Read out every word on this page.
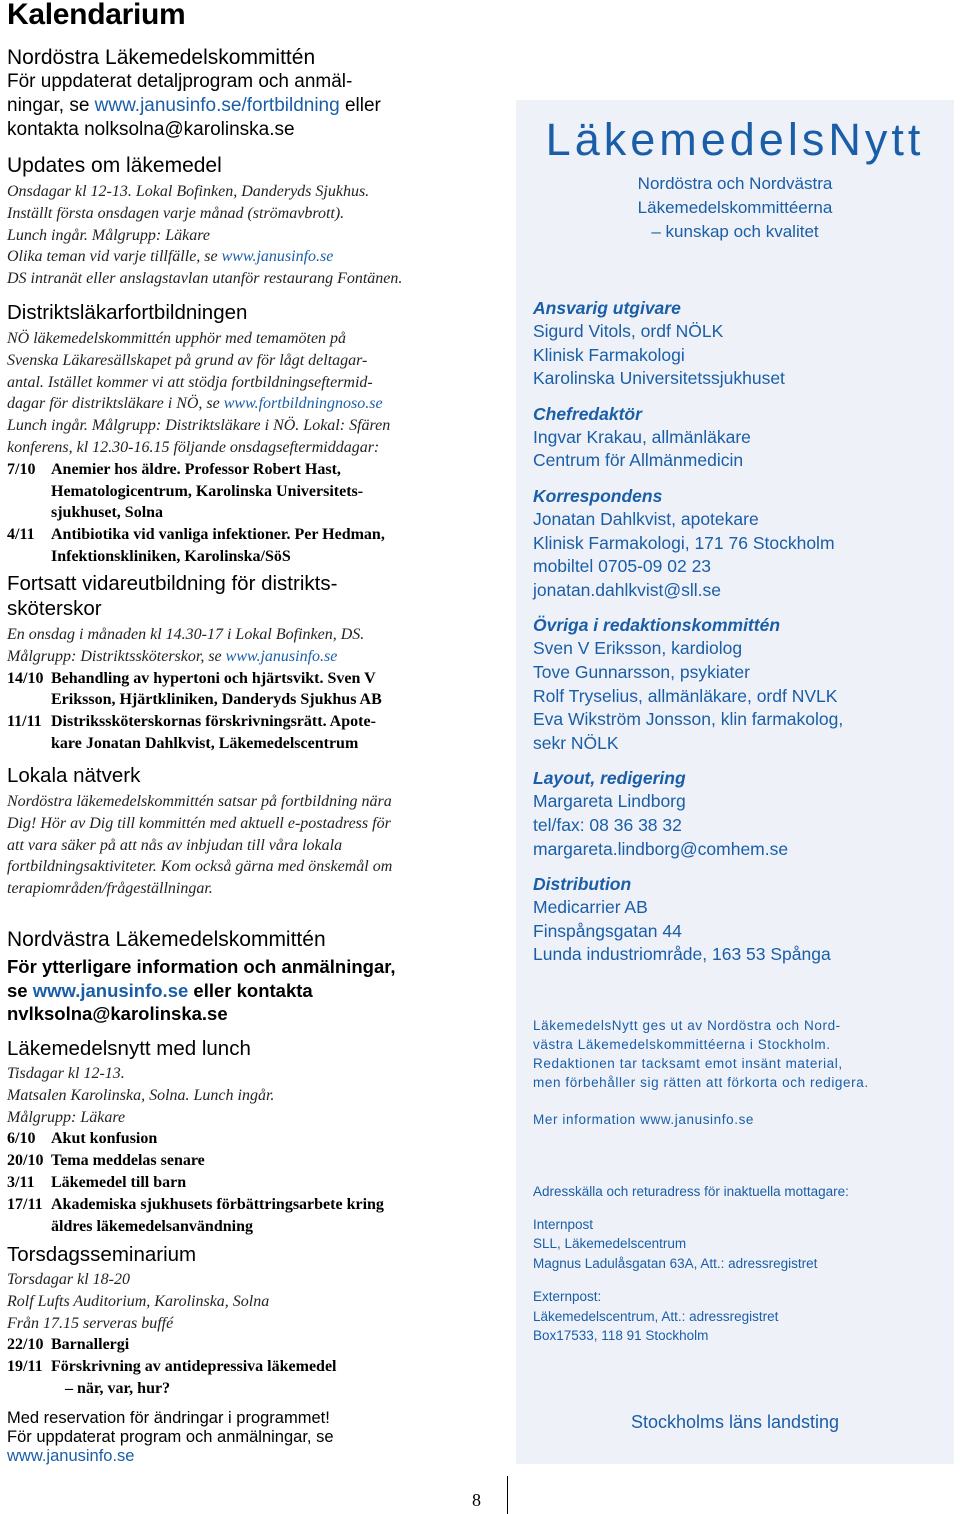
Kalendarium

Nordöstra Läkemedelskommittén

För uppdaterat detaljprogram och anmäl-
ningar, se www.janusinfo.se/fortbildning eller
kontakta nolksolna@karolinska.se

Updates om läkemedel

Onsdagar kl 12-13. Lokal Bofinken, Danderyds Sjukhus.

Inställt första onsdagen varje månad (strömavbrott).

Lunch ingår. Målgrupp: Läkare

Olika teman vid varje tillfälle, se www.janusinfo.se

DS intranät eller anslagstavlan utanför restaurang Fontänen.

Distriktsläkarfortbildningen

NÖ läkemedelskommittén upphör med temamöten på

Svenska Läkaresällskapet på grund av för lågt deltagar-

antal. Istället kommer vi att stödja fortbildningseftermid-

dagar för distriktsläkare i NÖ, se www.fortbildningnoso.se

Lunch ingår. Målgrupp: Distriktsläkare i NÖ. Lokal: Sfären

konferens, kl 12.30-16.15 följande onsdagseftermiddagar:

7/10 Anemier hos äldre. Professor Robert Hast,
Hematologicentrum, Karolinska Universitets-
sjukhuset, Solna
4/11	Antibiotika vid vanliga infektioner. Per Hedman,
Infektionskliniken, Karolinska/SöS

Fortsatt vidareutbildning för distrikts-
sköterskor

En onsdag i månaden kl 14.30-17 i Lokal Bofinken, DS.

Målgrupp: Distriktssköterskor, se www.janusinfo.se

14/10 Behandling av hypertoni och hjärtsvikt. Sven V
Eriksson, Hjärtkliniken, Danderyds Sjukhus AB
11/11 Distrikssköterskornas förskrivningsrätt. Apote-
kare Jonatan Dahlkvist, Läkemedelscentrum

Lokala nätverk

Nordöstra läkemedelskommittén satsar på fortbildning nära

Dig! Hör av Dig till kommittén med aktuell e-postadress för

att vara säker på att nås av inbjudan till våra lokala

fortbildningsaktiviteter. Kom också gärna med önskemål om

terapiområden/frågeställningar.

Nordvästra Läkemedelskommittén

För ytterligare information och anmälningar,
se www.janusinfo.se eller kontakta
nvlksolna@karolinska.se

Läkemedelsnytt med lunch

Tisdagar kl 12-13.

Matsalen Karolinska, Solna. Lunch ingår.

Målgrupp: Läkare

6/10 Akut konfusion
20/10 Tema meddelas senare
3/11	Läkemedel till barn
17/11 Akademiska sjukhusets förbättringsarbete kring
äldres läkemedelsanvändning

Torsdagsseminarium

Torsdagar kl 18-20

Rolf Lufts Auditorium, Karolinska, Solna

Från 17.15 serveras buffé

22/10 Barnallergi
19/11 Förskrivning av antidepressiva läkemedel
– när, var, hur?

Med reservation för ändringar i programmet!

För uppdaterat program och anmälningar, se

www.janusinfo.se

8
LäkemedelsNytt
Nordöstra och Nordvästra
Läkemedelskommittéerna
– kunskap och kvalitet

Ansvarig utgivare

Sigurd Vitols, ordf NÖLK

Klinisk Farmakologi

Karolinska Universitetssjukhuset

Chefredaktör

Ingvar Krakau, allmänläkare

Centrum för Allmänmedicin

Korrespondens

Jonatan Dahlkvist, apotekare

Klinisk Farmakologi, 171 76 Stockholm

mobiltel 0705-09 02 23

jonatan.dahlkvist@sll.se

Övriga i redaktionskommittén

Sven V Eriksson, kardiolog

Tove Gunnarsson, psykiater

Rolf Tryselius, allmänläkare, ordf NVLK

Eva Wikström Jonsson, klin farmakolog,

sekr NÖLK

Layout, redigering

Margareta Lindborg

tel/fax: 08 36 38 32

margareta.lindborg@comhem.se

Distribution

Medicarrier AB

Finspångsgatan 44

Lunda industriområde, 163 53 Spånga

LäkemedelsNytt ges ut av Nordöstra och Nord-

västra Läkemedelskommittéerna i Stockholm.

Redaktionen tar tacksamt emot insänt material,

men förbehåller sig rätten att förkorta och redigera.

Mer information www.janusinfo.se

Adresskälla och returadress för inaktuella mottagare:

Internpost

SLL, Läkemedelscentrum

Magnus Ladulåsgatan 63A, Att.: adressregistret

Externpost:

Läkemedelscentrum, Att.: adressregistret

Box17533, 118 91 Stockholm

Stockholms läns landsting
